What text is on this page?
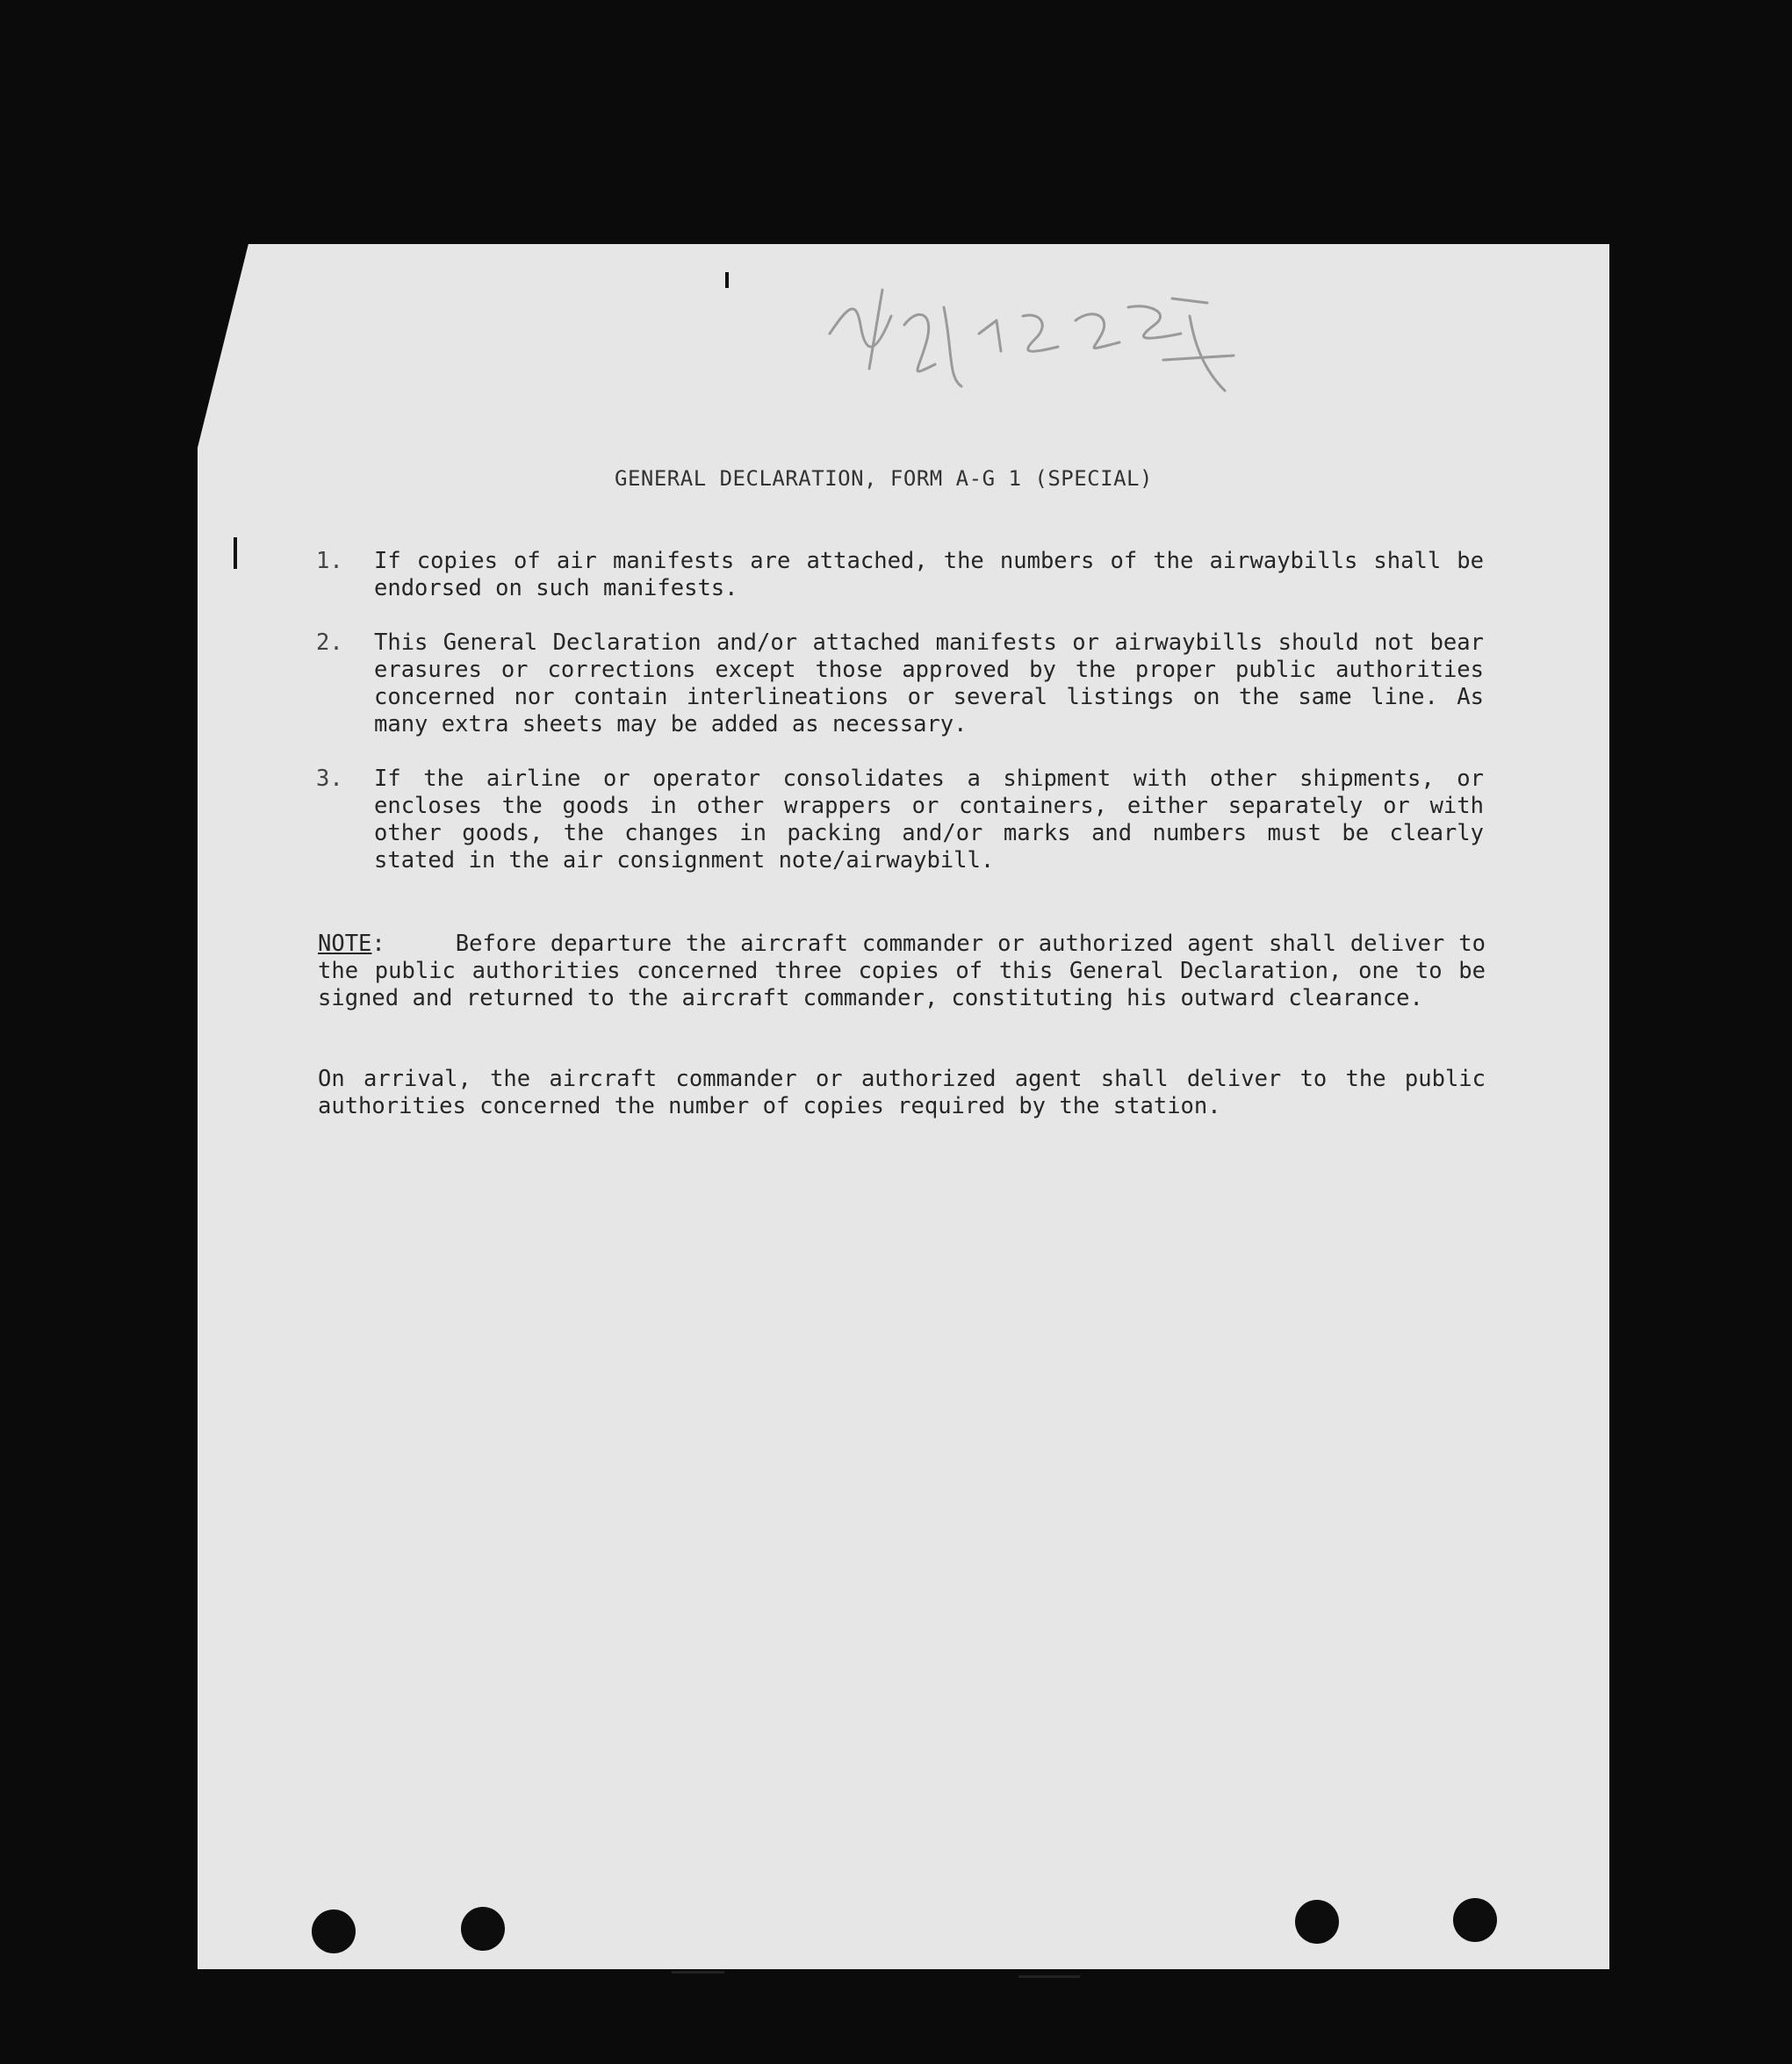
GENERAL DECLARATION, FORM A-G 1 (SPECIAL)
1.	If copies of air manifests are attached, the numbers of the airwaybills shall be endorsed on such manifests.
2.	This General Declaration and/or attached manifests or airwaybills should not bear erasures or corrections except those approved by the proper public authorities concerned nor contain interlineations or several listings on the same line. As many extra sheets may be added as necessary.
3.	If the airline or operator consolidates a shipment with other shipments, or encloses the goods in other wrappers or containers, either separately or with other goods, the changes in packing and/or marks and numbers must be clearly stated in the air consignment note/airwaybill.
NOTE:     Before departure the aircraft commander or authorized agent shall deliver to the public authorities concerned three copies of this General Declaration, one to be signed and returned to the aircraft commander, constituting his outward clearance.
On arrival, the aircraft commander or authorized agent shall deliver to the public authorities concerned the number of copies required by the station.
